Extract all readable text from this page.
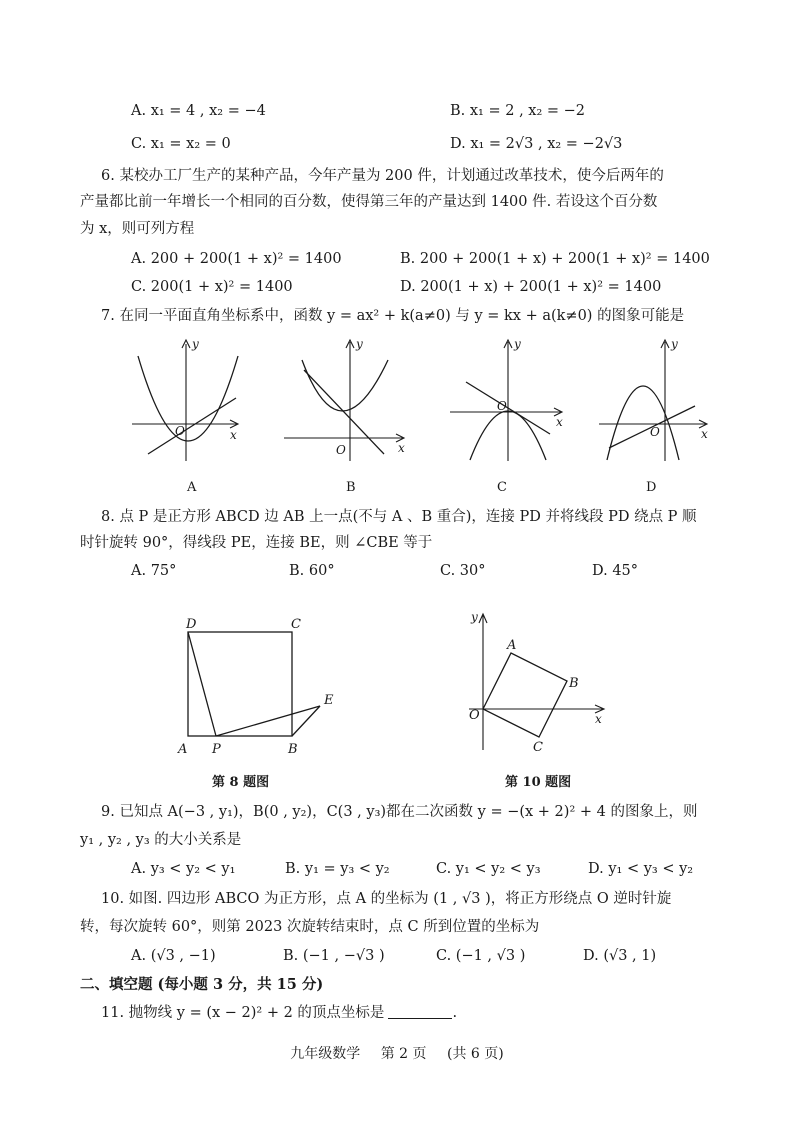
A. x₁ = 4 , x₂ = −4	B. x₁ = 2 , x₂ = −2
C. x₁ = x₂ = 0	D. x₁ = 2√3 , x₂ = −2√3
6. 某校办工厂生产的某种产品，今年产量为 200 件，计划通过改革技术，使今后两年的
产量都比前一年增长一个相同的百分数，使得第三年的产量达到 1400 件. 若设这个百分数
为 x，则可列方程
A. 200 + 200(1 + x)² = 1400	B. 200 + 200(1 + x) + 200(1 + x)² = 1400
C. 200(1 + x)² = 1400	D. 200(1 + x) + 200(1 + x)² = 1400
7. 在同一平面直角坐标系中，函数 y = ax² + k(a≠0) 与 y = kx + a(k≠0) 的图象可能是
y
x
O
A
y
x
O
B
y
x
O
C
y
x
O
D
8. 点 P 是正方形 ABCD 边 AB 上一点(不与 A 、B 重合)，连接 PD 并将线段 PD 绕点 P 顺
时针旋转 90°，得线段 PE，连接 BE，则 ∠CBE 等于
A. 75°	B. 60°	C. 30°	D. 45°
D	C
A P	B
E
第 8 题图
y
x
O
A
B
C
第 10 题图
9. 已知点 A(−3 , y₁)，B(0 , y₂)，C(3 , y₃)都在二次函数 y = −(x + 2)² + 4 的图象上，则
y₁ , y₂ , y₃ 的大小关系是
A. y₃ < y₂ < y₁	B. y₁ = y₃ < y₂	C. y₁ < y₂ < y₃	D. y₁ < y₃ < y₂
10. 如图. 四边形 ABCO 为正方形，点 A 的坐标为 (1 , √3 )，将正方形绕点 O 逆时针旋
转，每次旋转 60°，则第 2023 次旋转结束时，点 C 所到位置的坐标为
A. (√3 , −1)	B. (−1 , −√3 )	C. (−1 , √3 )	D. (√3 , 1)
二、填空题 (每小题 3 分，共 15 分)
11. 抛物线 y = (x − 2)² + 2 的顶点坐标是	.
九年级数学 第 2 页 (共 6 页)
